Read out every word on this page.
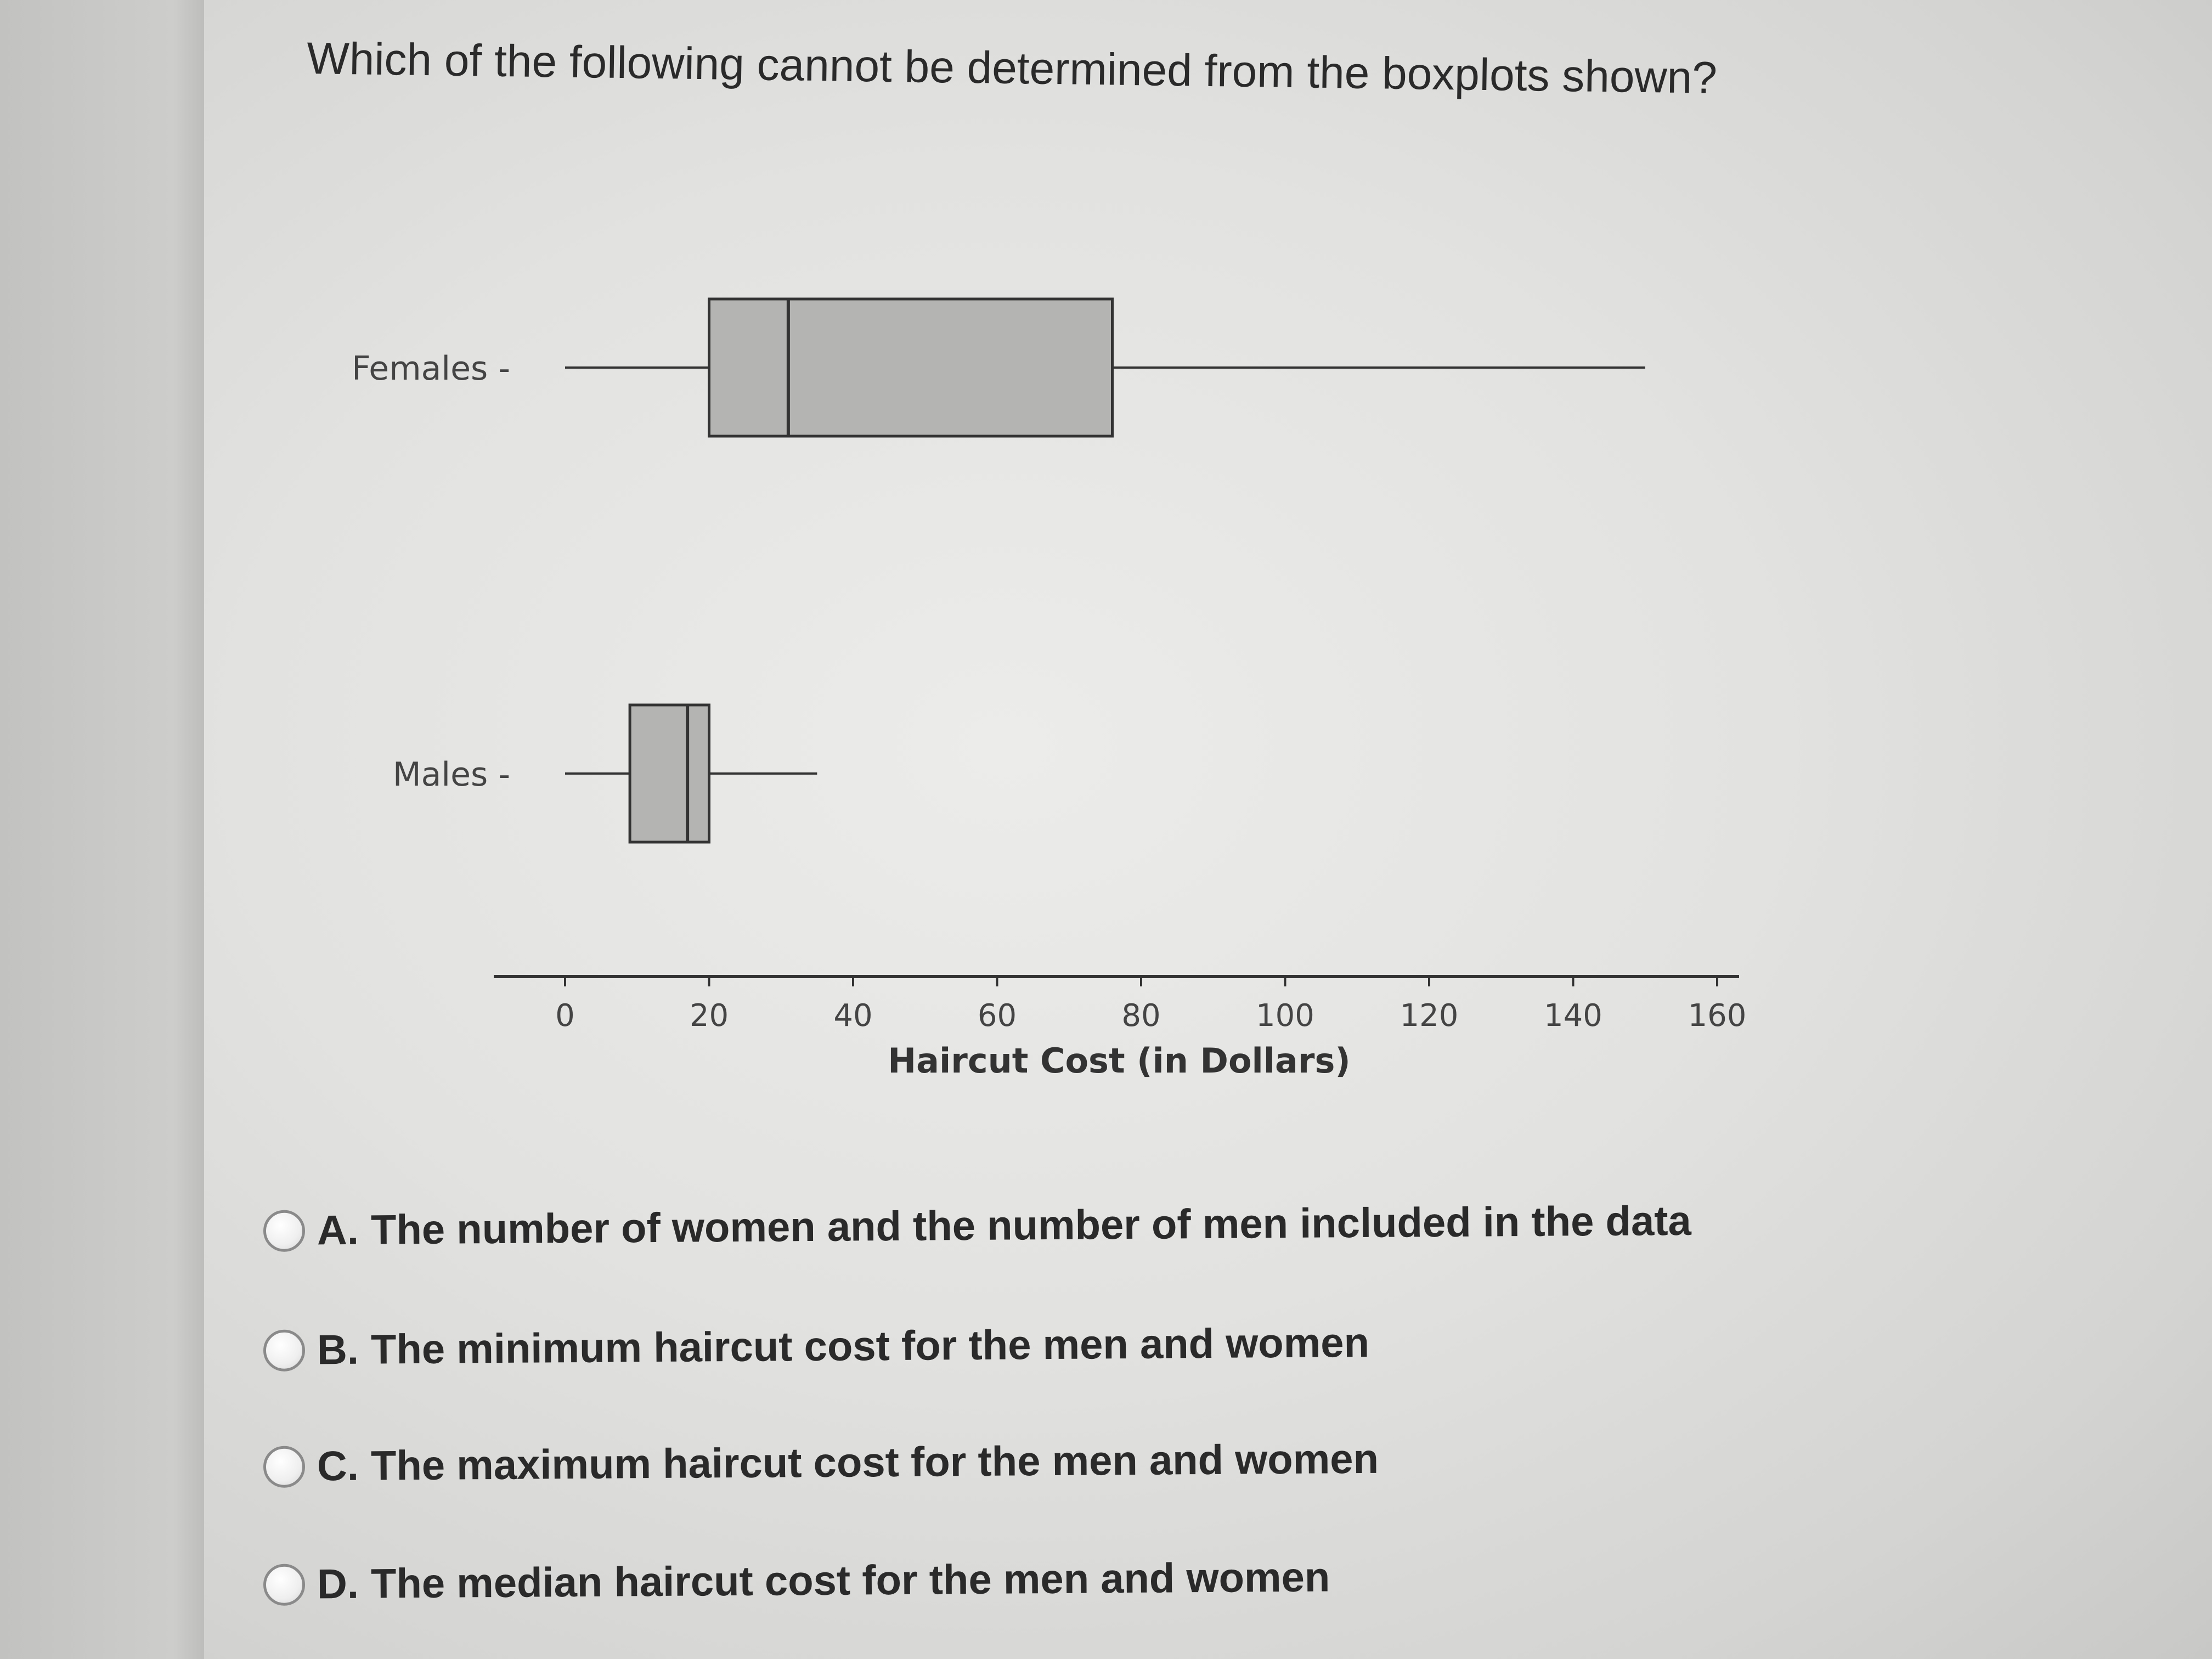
Which of the following cannot be determined from the boxplots shown?
Females -
Males -
0	20	40	60	80	100	120	140	160
Haircut Cost (in Dollars)
A. The number of women and the number of men included in the data
B. The minimum haircut cost for the men and women
C. The maximum haircut cost for the men and women
D. The median haircut cost for the men and women
